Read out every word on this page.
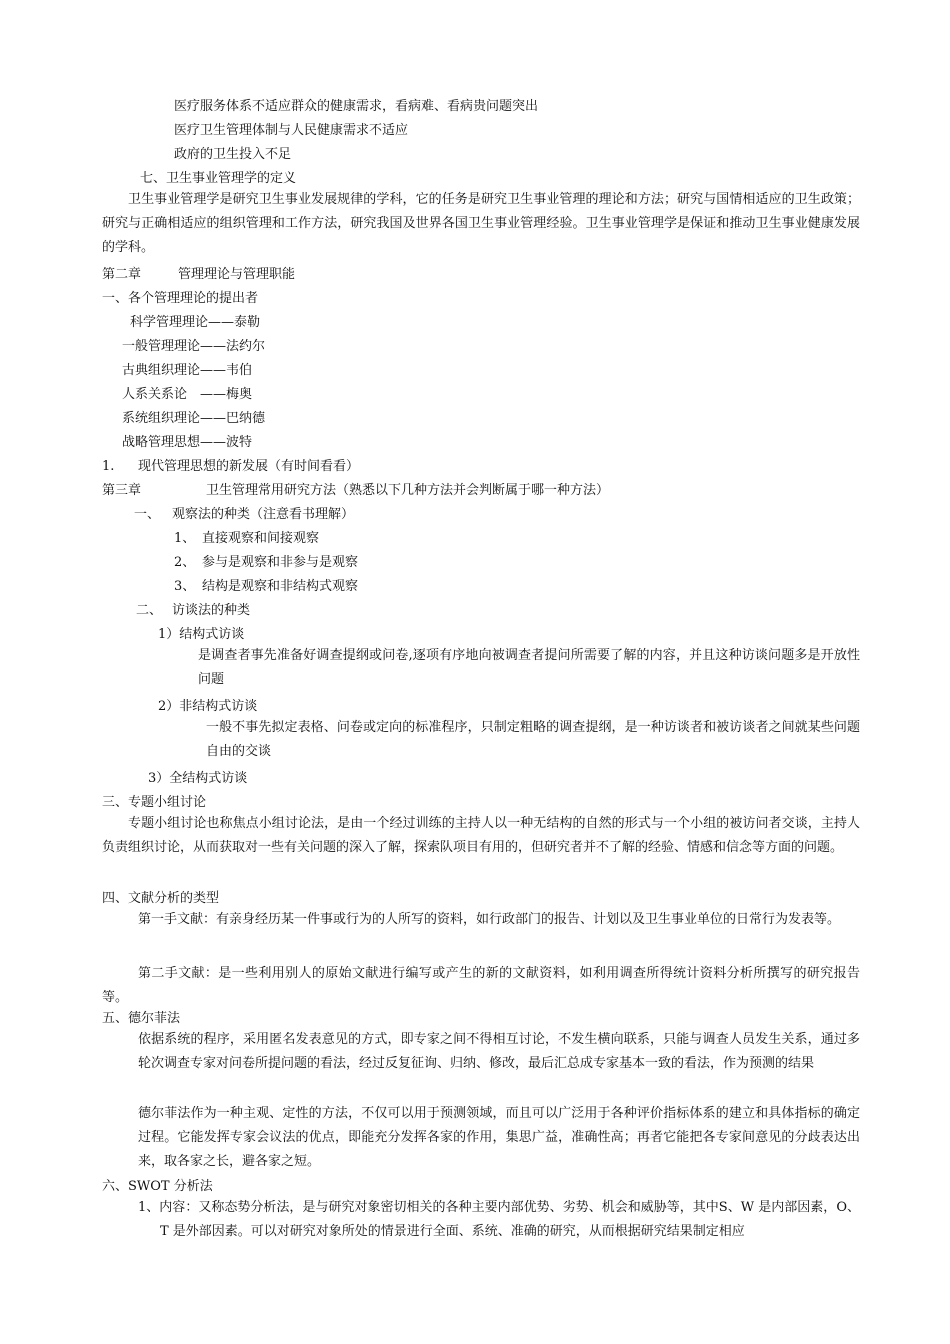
医疗服务体系不适应群众的健康需求，看病难、看病贵问题突出
医疗卫生管理体制与人民健康需求不适应
政府的卫生投入不足
七、卫生事业管理学的定义
卫生事业管理学是研究卫生事业发展规律的学科，它的任务是研究卫生事业管理的理论和方法；研究与国情相适应的卫生政策；研究与正确相适应的组织管理和工作方法，研究我国及世界各国卫生事业管理经验。卫生事业管理学是保证和推动卫生事业健康发展的学科。
第二章	管理理论与管理职能
一、各个管理理论的提出者
科学管理理论——泰勒
一般管理理论——法约尔
古典组织理论——韦伯
人系关系论　——梅奥
系统组织理论——巴纳德
战略管理思想——波特
1. 现代管理思想的新发展（有时间看看）
第三章	卫生管理常用研究方法（熟悉以下几种方法并会判断属于哪一种方法）
一、 观察法的种类（注意看书理解）
1、 直接观察和间接观察
2、 参与是观察和非参与是观察
3、 结构是观察和非结构式观察
二、 访谈法的种类
1）结构式访谈
是调查者事先准备好调查提纲或问卷,逐项有序地向被调查者提问所需要了解的内容，并且这种访谈问题多是开放性问题
2）非结构式访谈
一般不事先拟定表格、问卷或定向的标准程序，只制定粗略的调查提纲，是一种访谈者和被访谈者之间就某些问题自由的交谈
3）全结构式访谈
三、专题小组讨论
专题小组讨论也称焦点小组讨论法，是由一个经过训练的主持人以一种无结构的自然的形式与一个小组的被访问者交谈，主持人负责组织讨论，从而获取对一些有关问题的深入了解，探索队项目有用的，但研究者并不了解的经验、情感和信念等方面的问题。
四、文献分析的类型
第一手文献：有亲身经历某一件事或行为的人所写的资料，如行政部门的报告、计划以及卫生事业单位的日常行为发表等。
第二手文献：是一些利用别人的原始文献进行编写或产生的新的文献资料，如利用调查所得统计资料分析所撰写的研究报告等。
五、德尔菲法
依据系统的程序，采用匿名发表意见的方式，即专家之间不得相互讨论，不发生横向联系，只能与调查人员发生关系，通过多轮次调查专家对问卷所提问题的看法，经过反复征询、归纳、修改，最后汇总成专家基本一致的看法，作为预测的结果
德尔菲法作为一种主观、定性的方法，不仅可以用于预测领域，而且可以广泛用于各种评价指标体系的建立和具体指标的确定过程。它能发挥专家会议法的优点，即能充分发挥各家的作用，集思广益，准确性高；再者它能把各专家间意见的分歧表达出来，取各家之长，避各家之短。
六、SWOT 分析法
1、内容：又称态势分析法，是与研究对象密切相关的各种主要内部优势、劣势、机会和威胁等，其中S、W 是内部因素，O、T 是外部因素。可以对研究对象所处的情景进行全面、系统、准确的研究，从而根据研究结果制定相应
